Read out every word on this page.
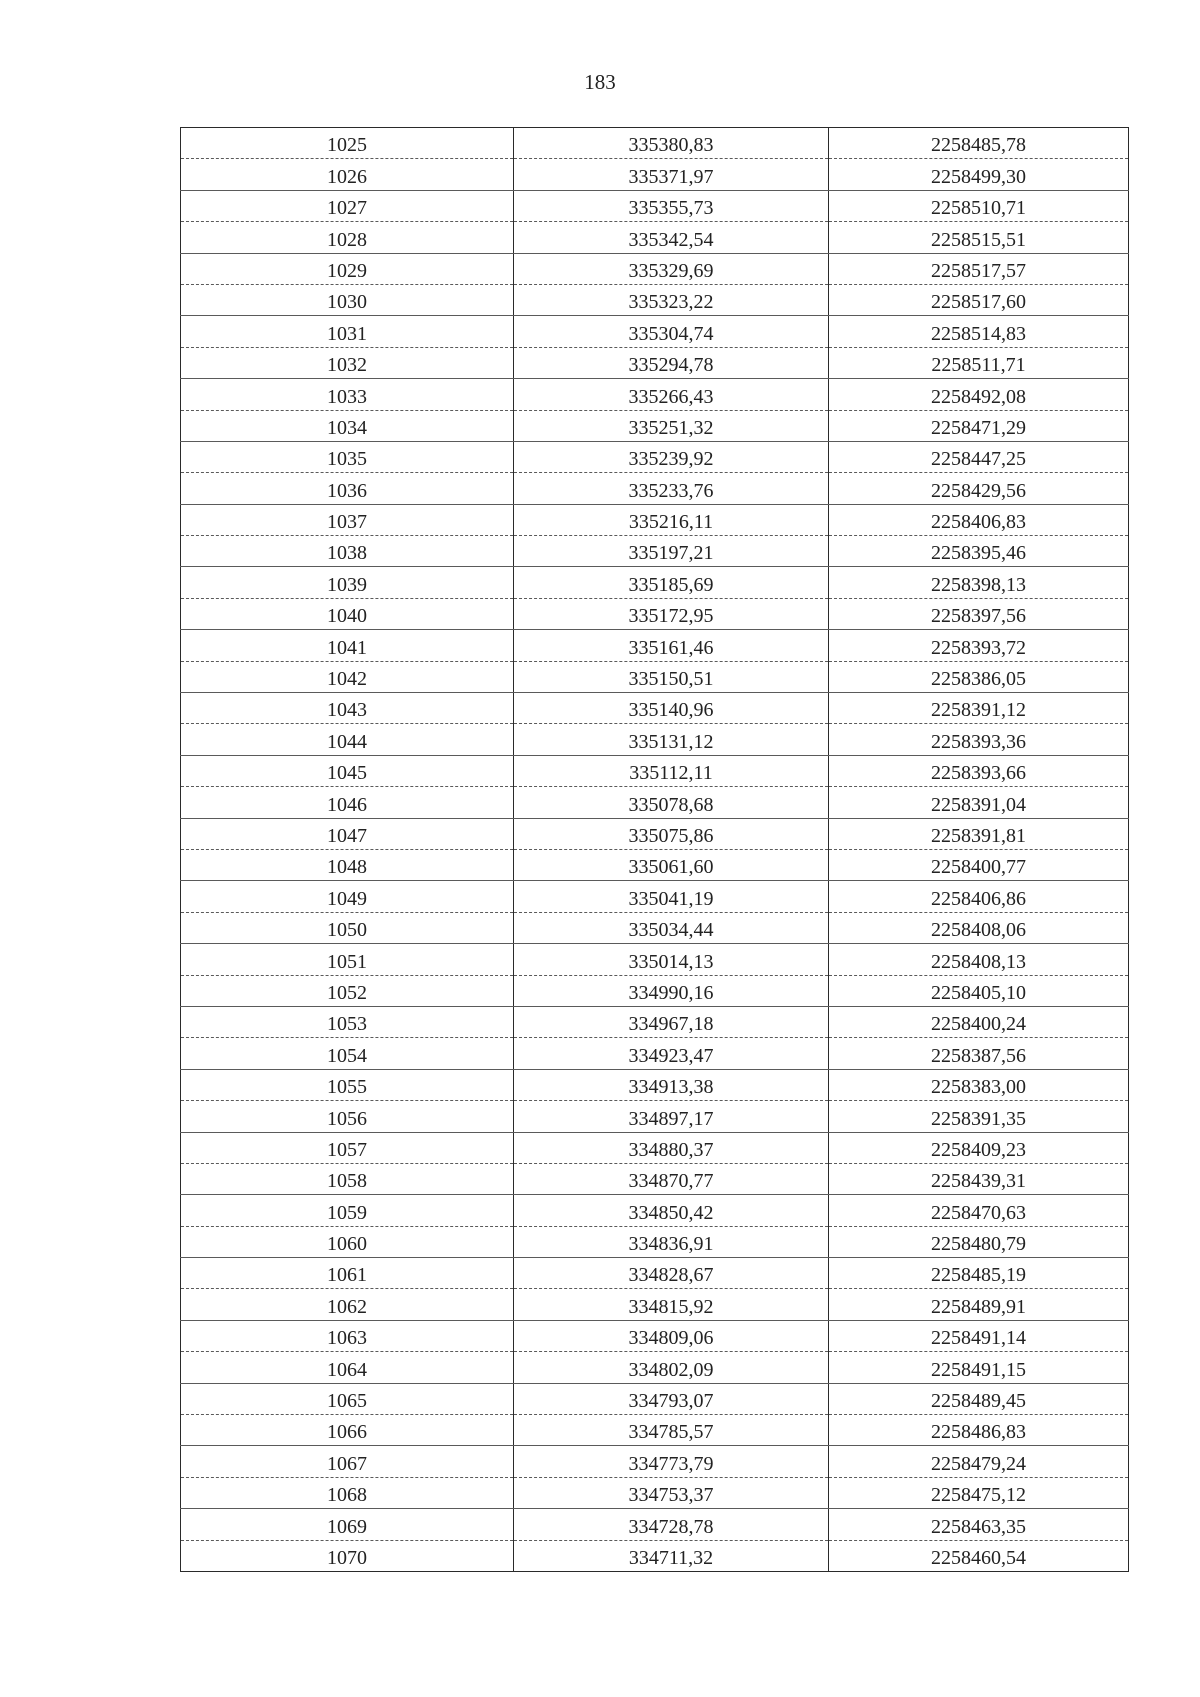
183
1025	335380,83	2258485,78
1026	335371,97	2258499,30
1027	335355,73	2258510,71
1028	335342,54	2258515,51
1029	335329,69	2258517,57
1030	335323,22	2258517,60
1031	335304,74	2258514,83
1032	335294,78	2258511,71
1033	335266,43	2258492,08
1034	335251,32	2258471,29
1035	335239,92	2258447,25
1036	335233,76	2258429,56
1037	335216,11	2258406,83
1038	335197,21	2258395,46
1039	335185,69	2258398,13
1040	335172,95	2258397,56
1041	335161,46	2258393,72
1042	335150,51	2258386,05
1043	335140,96	2258391,12
1044	335131,12	2258393,36
1045	335112,11	2258393,66
1046	335078,68	2258391,04
1047	335075,86	2258391,81
1048	335061,60	2258400,77
1049	335041,19	2258406,86
1050	335034,44	2258408,06
1051	335014,13	2258408,13
1052	334990,16	2258405,10
1053	334967,18	2258400,24
1054	334923,47	2258387,56
1055	334913,38	2258383,00
1056	334897,17	2258391,35
1057	334880,37	2258409,23
1058	334870,77	2258439,31
1059	334850,42	2258470,63
1060	334836,91	2258480,79
1061	334828,67	2258485,19
1062	334815,92	2258489,91
1063	334809,06	2258491,14
1064	334802,09	2258491,15
1065	334793,07	2258489,45
1066	334785,57	2258486,83
1067	334773,79	2258479,24
1068	334753,37	2258475,12
1069	334728,78	2258463,35
1070	334711,32	2258460,54
